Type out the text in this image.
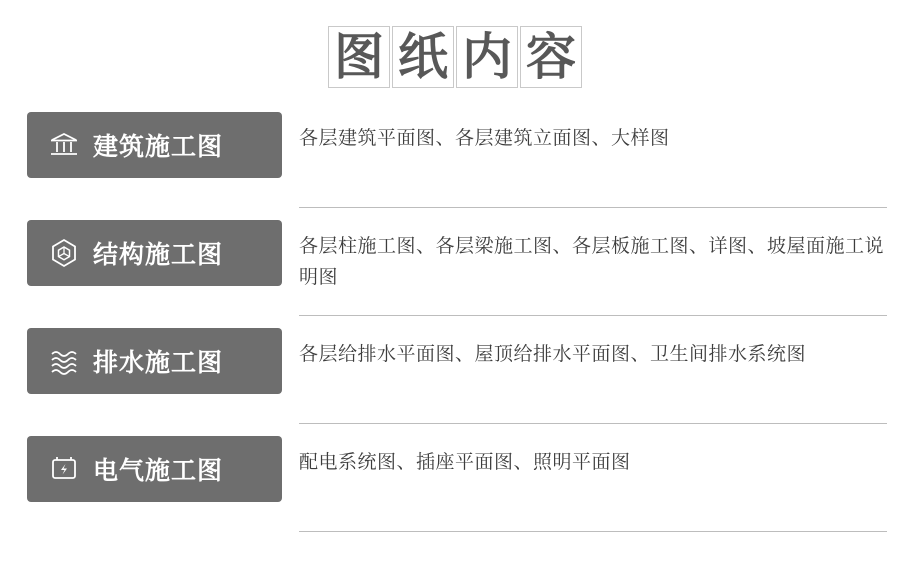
图 纸 内 容
建筑施工图	各层建筑平面图、各层建筑立面图、大样图
结构施工图	各层柱施工图、各层梁施工图、各层板施工图、详图、坡屋面施工说明图
排水施工图	各层给排水平面图、屋顶给排水平面图、卫生间排水系统图
电气施工图	配电系统图、插座平面图、照明平面图
